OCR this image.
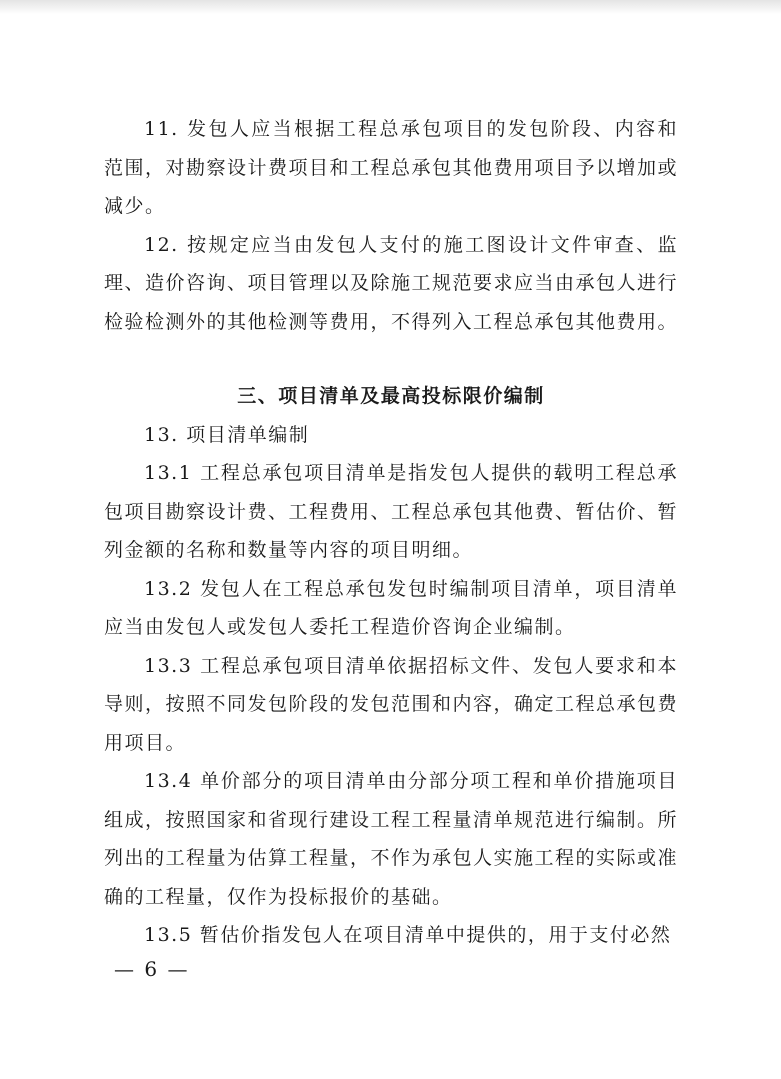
11. 发包人应当根据工程总承包项目的发包阶段、内容和范围，对勘察设计费项目和工程总承包其他费用项目予以增加或减少。

12. 按规定应当由发包人支付的施工图设计文件审查、监理、造价咨询、项目管理以及除施工规范要求应当由承包人进行检验检测外的其他检测等费用，不得列入工程总承包其他费用。

三、项目清单及最高投标限价编制

13. 项目清单编制

13.1 工程总承包项目清单是指发包人提供的载明工程总承包项目勘察设计费、工程费用、工程总承包其他费、暂估价、暂列金额的名称和数量等内容的项目明细。

13.2 发包人在工程总承包发包时编制项目清单，项目清单应当由发包人或发包人委托工程造价咨询企业编制。

13.3 工程总承包项目清单依据招标文件、发包人要求和本导则，按照不同发包阶段的发包范围和内容，确定工程总承包费用项目。

13.4 单价部分的项目清单由分部分项工程和单价措施项目组成，按照国家和省现行建设工程工程量清单规范进行编制。所列出的工程量为估算工程量，不作为承包人实施工程的实际或准确的工程量，仅作为投标报价的基础。

13.5 暂估价指发包人在项目清单中提供的，用于支付必然

— 6 —
